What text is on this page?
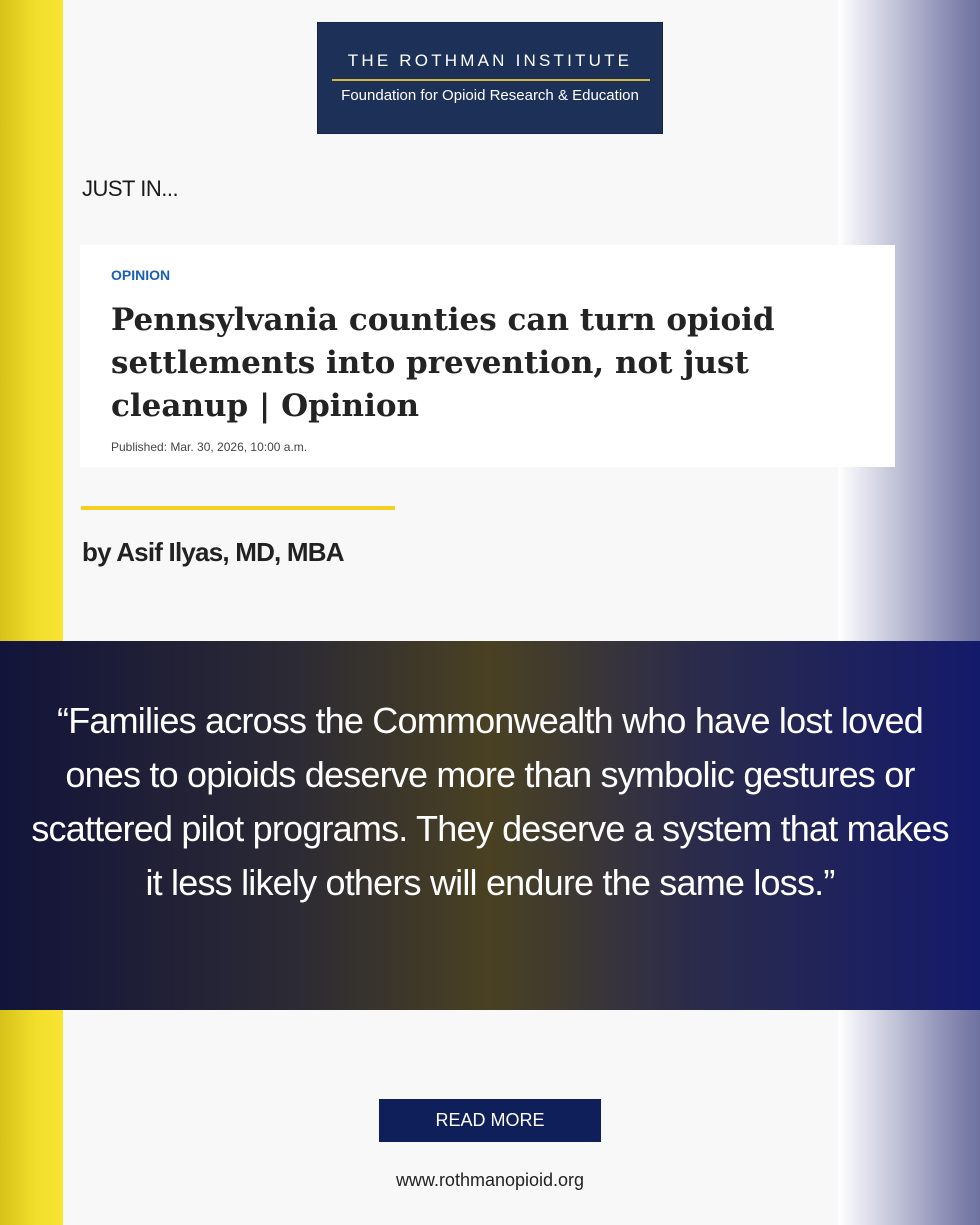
THE ROTHMAN INSTITUTE
Foundation for Opioid Research & Education
JUST IN...
OPINION
Pennsylvania counties can turn opioid settlements into prevention, not just cleanup | Opinion
Published: Mar. 30, 2026, 10:00 a.m.
by Asif Ilyas, MD, MBA
“Families across the Commonwealth who have lost loved ones to opioids deserve more than symbolic gestures or scattered pilot programs. They deserve a system that makes it less likely others will endure the same loss.”
READ MORE
www.rothmanopioid.org
